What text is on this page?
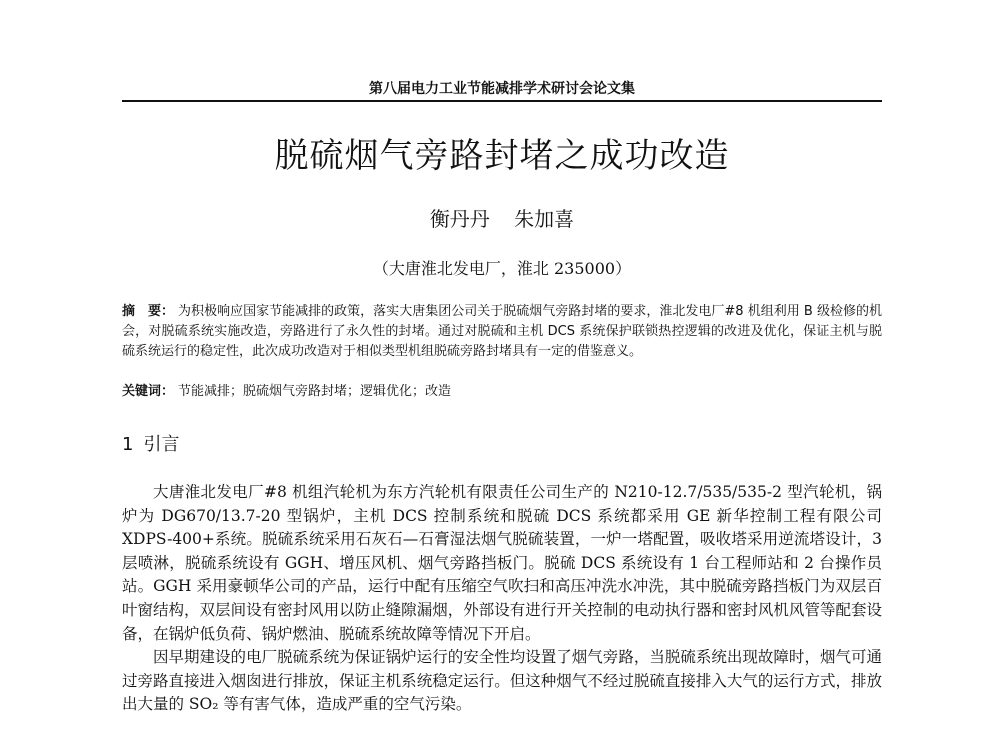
第八届电力工业节能减排学术研讨会论文集
脱硫烟气旁路封堵之成功改造
衡丹丹 朱加喜
（大唐淮北发电厂，淮北 235000）
摘　要： 为积极响应国家节能减排的政策，落实大唐集团公司关于脱硫烟气旁路封堵的要求，淮北发电厂#8 机组利用 B 级检修的机会，对脱硫系统实施改造，旁路进行了永久性的封堵。通过对脱硫和主机 DCS 系统保护联锁热控逻辑的改进及优化，保证主机与脱硫系统运行的稳定性，此次成功改造对于相似类型机组脱硫旁路封堵具有一定的借鉴意义。
关键词： 节能减排；脱硫烟气旁路封堵；逻辑优化；改造
1 引言

大唐淮北发电厂#8 机组汽轮机为东方汽轮机有限责任公司生产的 N210-12.7/535/535-2 型汽轮机，锅炉为 DG670/13.7-20 型锅炉，主机 DCS 控制系统和脱硫 DCS 系统都采用 GE 新华控制工程有限公司 XDPS-400+系统。脱硫系统采用石灰石—石膏湿法烟气脱硫装置，一炉一塔配置，吸收塔采用逆流塔设计，3 层喷淋，脱硫系统设有 GGH、增压风机、烟气旁路挡板门。脱硫 DCS 系统设有 1 台工程师站和 2 台操作员站。GGH 采用豪顿华公司的产品，运行中配有压缩空气吹扫和高压冲洗水冲洗，其中脱硫旁路挡板门为双层百叶窗结构，双层间设有密封风用以防止缝隙漏烟，外部设有进行开关控制的电动执行器和密封风机风管等配套设备，在锅炉低负荷、锅炉燃油、脱硫系统故障等情况下开启。

因早期建设的电厂脱硫系统为保证锅炉运行的安全性均设置了烟气旁路，当脱硫系统出现故障时，烟气可通过旁路直接进入烟囱进行排放，保证主机系统稳定运行。但这种烟气不经过脱硫直接排入大气的运行方式，排放出大量的 SO₂ 等有害气体，造成严重的空气污染。
